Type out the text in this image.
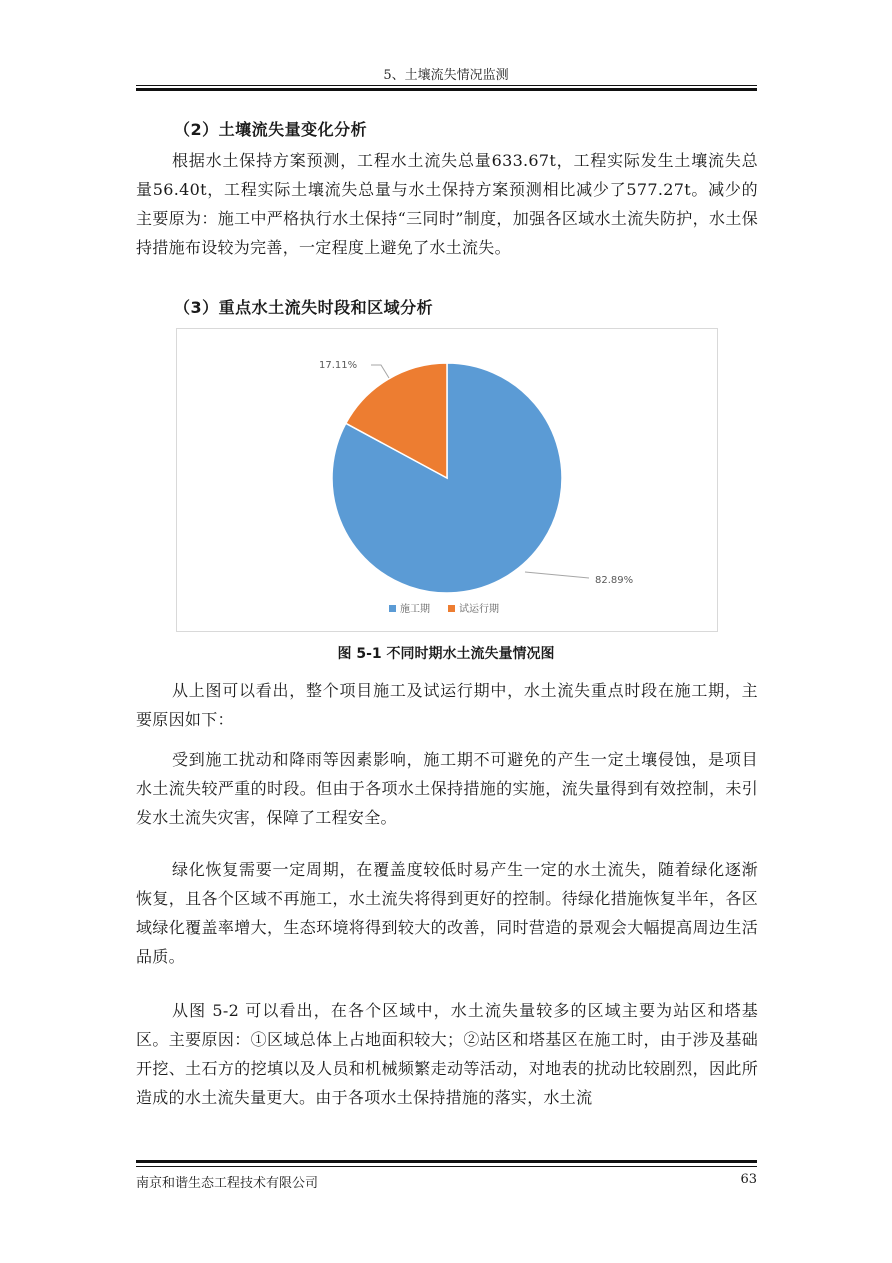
5、土壤流失情况监测
（2）土壤流失量变化分析
根据水土保持方案预测，工程水土流失总量633.67t，工程实际发生土壤流失总量56.40t，工程实际土壤流失总量与水土保持方案预测相比减少了577.27t。减少的主要原为：施工中严格执行水土保持“三同时”制度，加强各区域水土流失防护，水土保持措施布设较为完善，一定程度上避免了水土流失。
（3）重点水土流失时段和区域分析
82.89%
17.11%
施工期	试运行期
图 5-1 不同时期水土流失量情况图
从上图可以看出，整个项目施工及试运行期中，水土流失重点时段在施工期，主要原因如下：
受到施工扰动和降雨等因素影响，施工期不可避免的产生一定土壤侵蚀，是项目水土流失较严重的时段。但由于各项水土保持措施的实施，流失量得到有效控制，未引发水土流失灾害，保障了工程安全。
绿化恢复需要一定周期，在覆盖度较低时易产生一定的水土流失，随着绿化逐渐恢复，且各个区域不再施工，水土流失将得到更好的控制。待绿化措施恢复半年，各区域绿化覆盖率增大，生态环境将得到较大的改善，同时营造的景观会大幅提高周边生活品质。
从图 5-2 可以看出，在各个区域中，水土流失量较多的区域主要为站区和塔基区。主要原因：①区域总体上占地面积较大；②站区和塔基区在施工时，由于涉及基础开挖、土石方的挖填以及人员和机械频繁走动等活动，对地表的扰动比较剧烈，因此所造成的水土流失量更大。由于各项水土保持措施的落实，水土流
南京和谐生态工程技术有限公司	63
